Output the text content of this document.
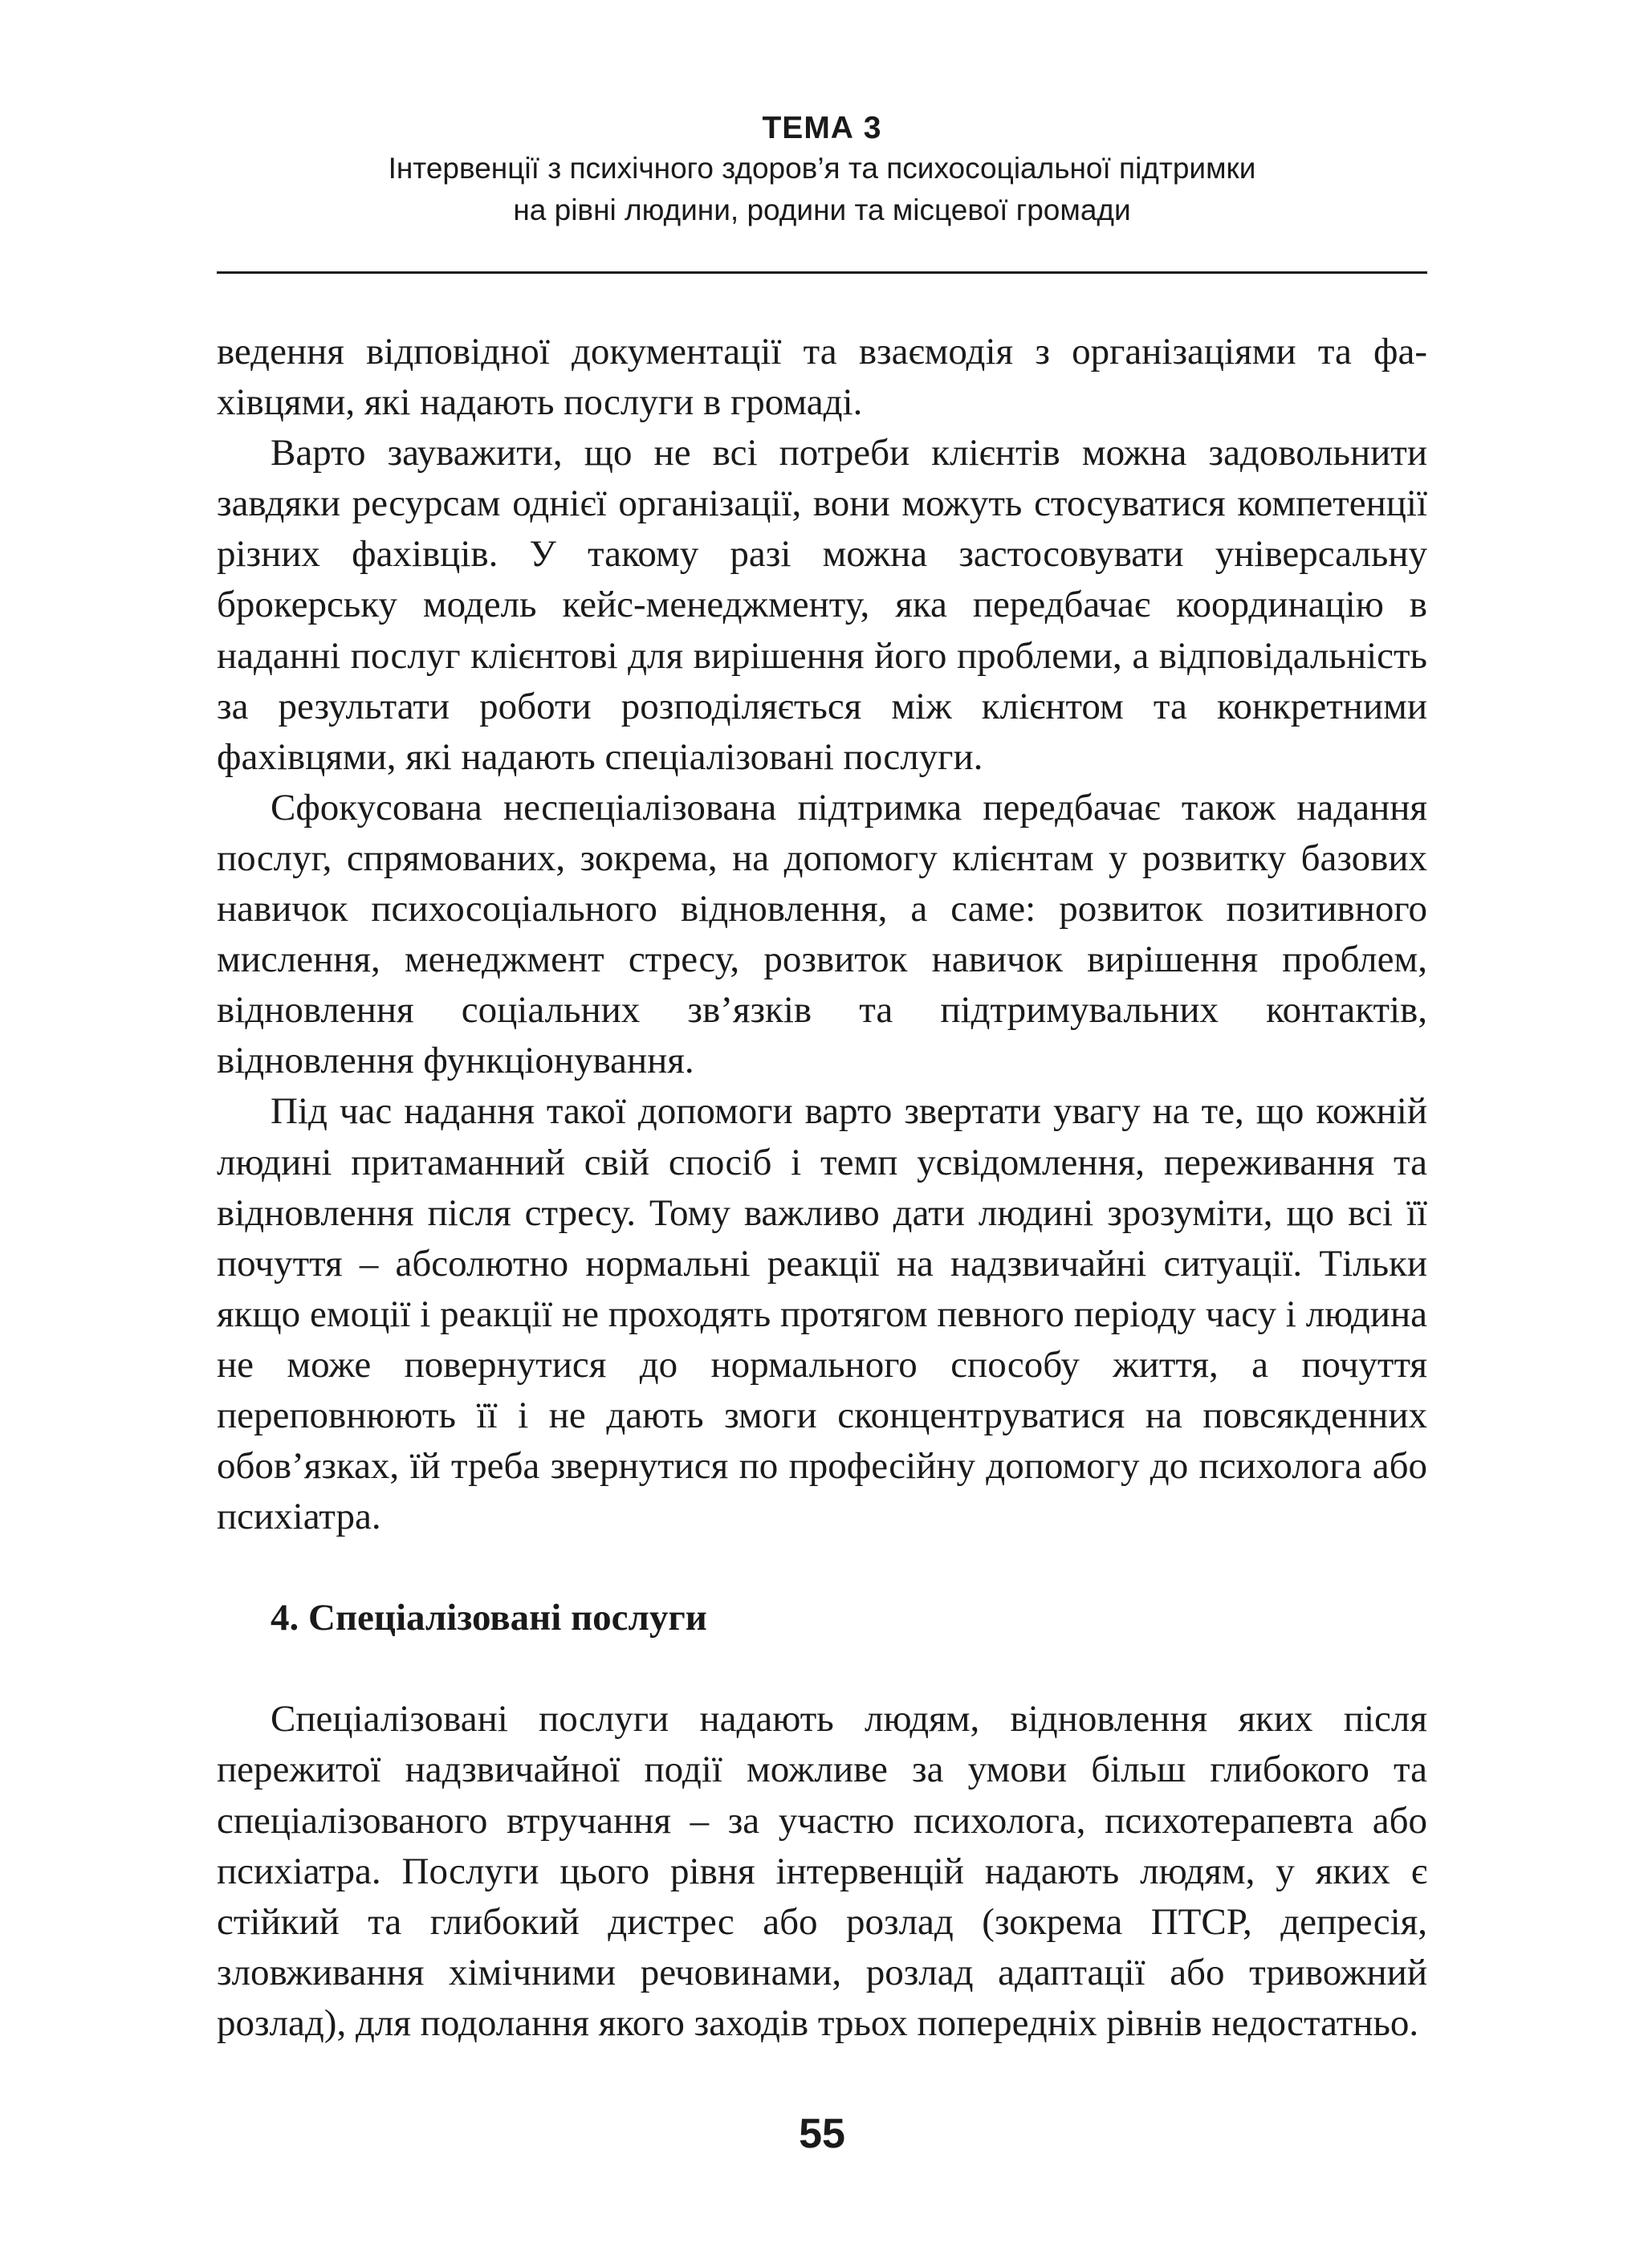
ТЕМА 3
Інтервенції з психічного здоров’я та психосоціальної підтримки
на рівні людини, родини та місцевої громади

ведення відповідної документації та взаємодія з організаціями та фахівцями, які надають послуги в громаді.

Варто зауважити, що не всі потреби клієнтів можна задовольнити завдяки ресурсам однієї організації, вони можуть стосуватися компетенції різних фахівців. У такому разі можна застосовувати універсальну брокерську модель кейс-менеджменту, яка передбачає координацію в наданні послуг клієнтові для вирішення його проблеми, а відповідальність за результати роботи розподіляється між клієнтом та конкретними фахівцями, які надають спеціалізовані послуги.

Сфокусована неспеціалізована підтримка передбачає також надання послуг, спрямованих, зокрема, на допомогу клієнтам у розвитку базових навичок психосоціального відновлення, а саме: розвиток позитивного мислення, менеджмент стресу, розвиток навичок вирішення проблем, відновлення соціальних зв’язків та підтримувальних контактів, відновлення функціонування.

Під час надання такої допомоги варто звертати увагу на те, що кожній людині притаманний свій спосіб і темп усвідомлення, переживання та відновлення після стресу. Тому важливо дати людині зрозуміти, що всі її почуття – абсолютно нормальні реакції на надзвичайні ситуації. Тільки якщо емоції і реакції не проходять протягом певного періоду часу і людина не може повернутися до нормального способу життя, а почуття переповнюють її і не дають змоги сконцентруватися на повсякденних обов’язках, їй треба звернутися по професійну допомогу до психолога або психіатра.

4. Спеціалізовані послуги

Спеціалізовані послуги надають людям, відновлення яких після пережитої надзвичайної події можливе за умови більш глибокого та спеціалізованого втручання – за участю психолога, психотерапевта або психіатра. Послуги цього рівня інтервенцій надають людям, у яких є стійкий та глибокий дистрес або розлад (зокрема ПТСР, депресія, зловживання хімічними речовинами, розлад адаптації або тривожний розлад), для подолання якого заходів трьох попередніх рівнів недостатньо.

55
